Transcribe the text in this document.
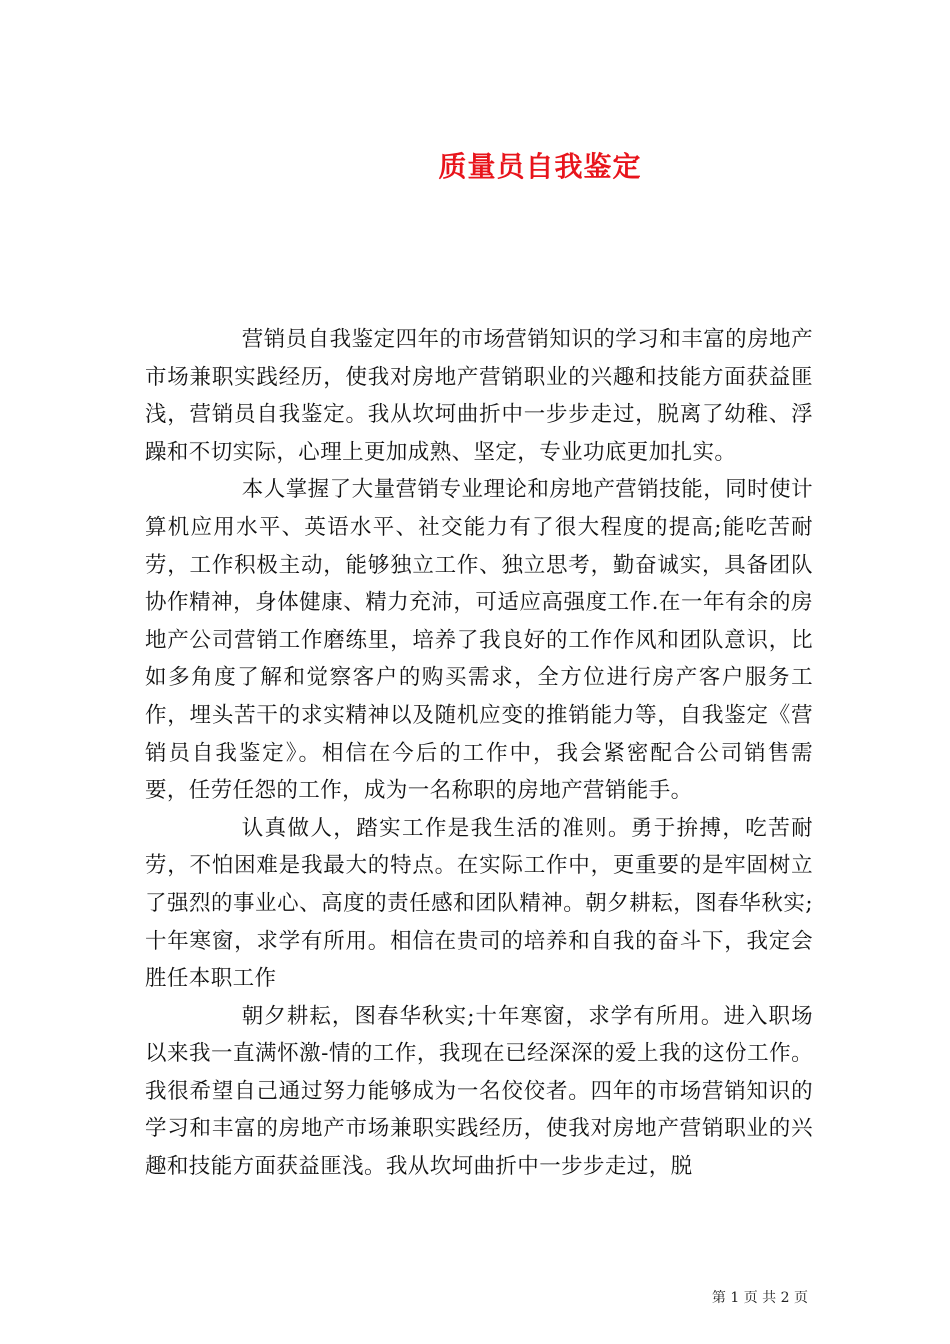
质量员自我鉴定

营销员自我鉴定四年的市场营销知识的学习和丰富的房地产市场兼职实践经历，使我对房地产营销职业的兴趣和技能方面获益匪浅，营销员自我鉴定。我从坎坷曲折中一步步走过，脱离了幼稚、浮躁和不切实际，心理上更加成熟、坚定，专业功底更加扎实。

本人掌握了大量营销专业理论和房地产营销技能，同时使计算机应用水平、英语水平、社交能力有了很大程度的提高;能吃苦耐劳，工作积极主动，能够独立工作、独立思考，勤奋诚实，具备团队协作精神，身体健康、精力充沛，可适应高强度工作.在一年有余的房地产公司营销工作磨练里，培养了我良好的工作作风和团队意识，比如多角度了解和觉察客户的购买需求，全方位进行房产客户服务工作，埋头苦干的求实精神以及随机应变的推销能力等，自我鉴定《营销员自我鉴定》。相信在今后的工作中，我会紧密配合公司销售需要，任劳任怨的工作，成为一名称职的房地产营销能手。

认真做人，踏实工作是我生活的准则。勇于拚搏，吃苦耐劳，不怕困难是我最大的特点。在实际工作中，更重要的是牢固树立了强烈的事业心、高度的责任感和团队精神。朝夕耕耘，图春华秋实;十年寒窗，求学有所用。相信在贵司的培养和自我的奋斗下，我定会胜任本职工作

朝夕耕耘，图春华秋实;十年寒窗，求学有所用。进入职场以来我一直满怀激-情的工作，我现在已经深深的爱上我的这份工作。我很希望自己通过努力能够成为一名佼佼者。四年的市场营销知识的学习和丰富的房地产市场兼职实践经历，使我对房地产营销职业的兴趣和技能方面获益匪浅。我从坎坷曲折中一步步走过，脱

第 1 页 共 2 页
